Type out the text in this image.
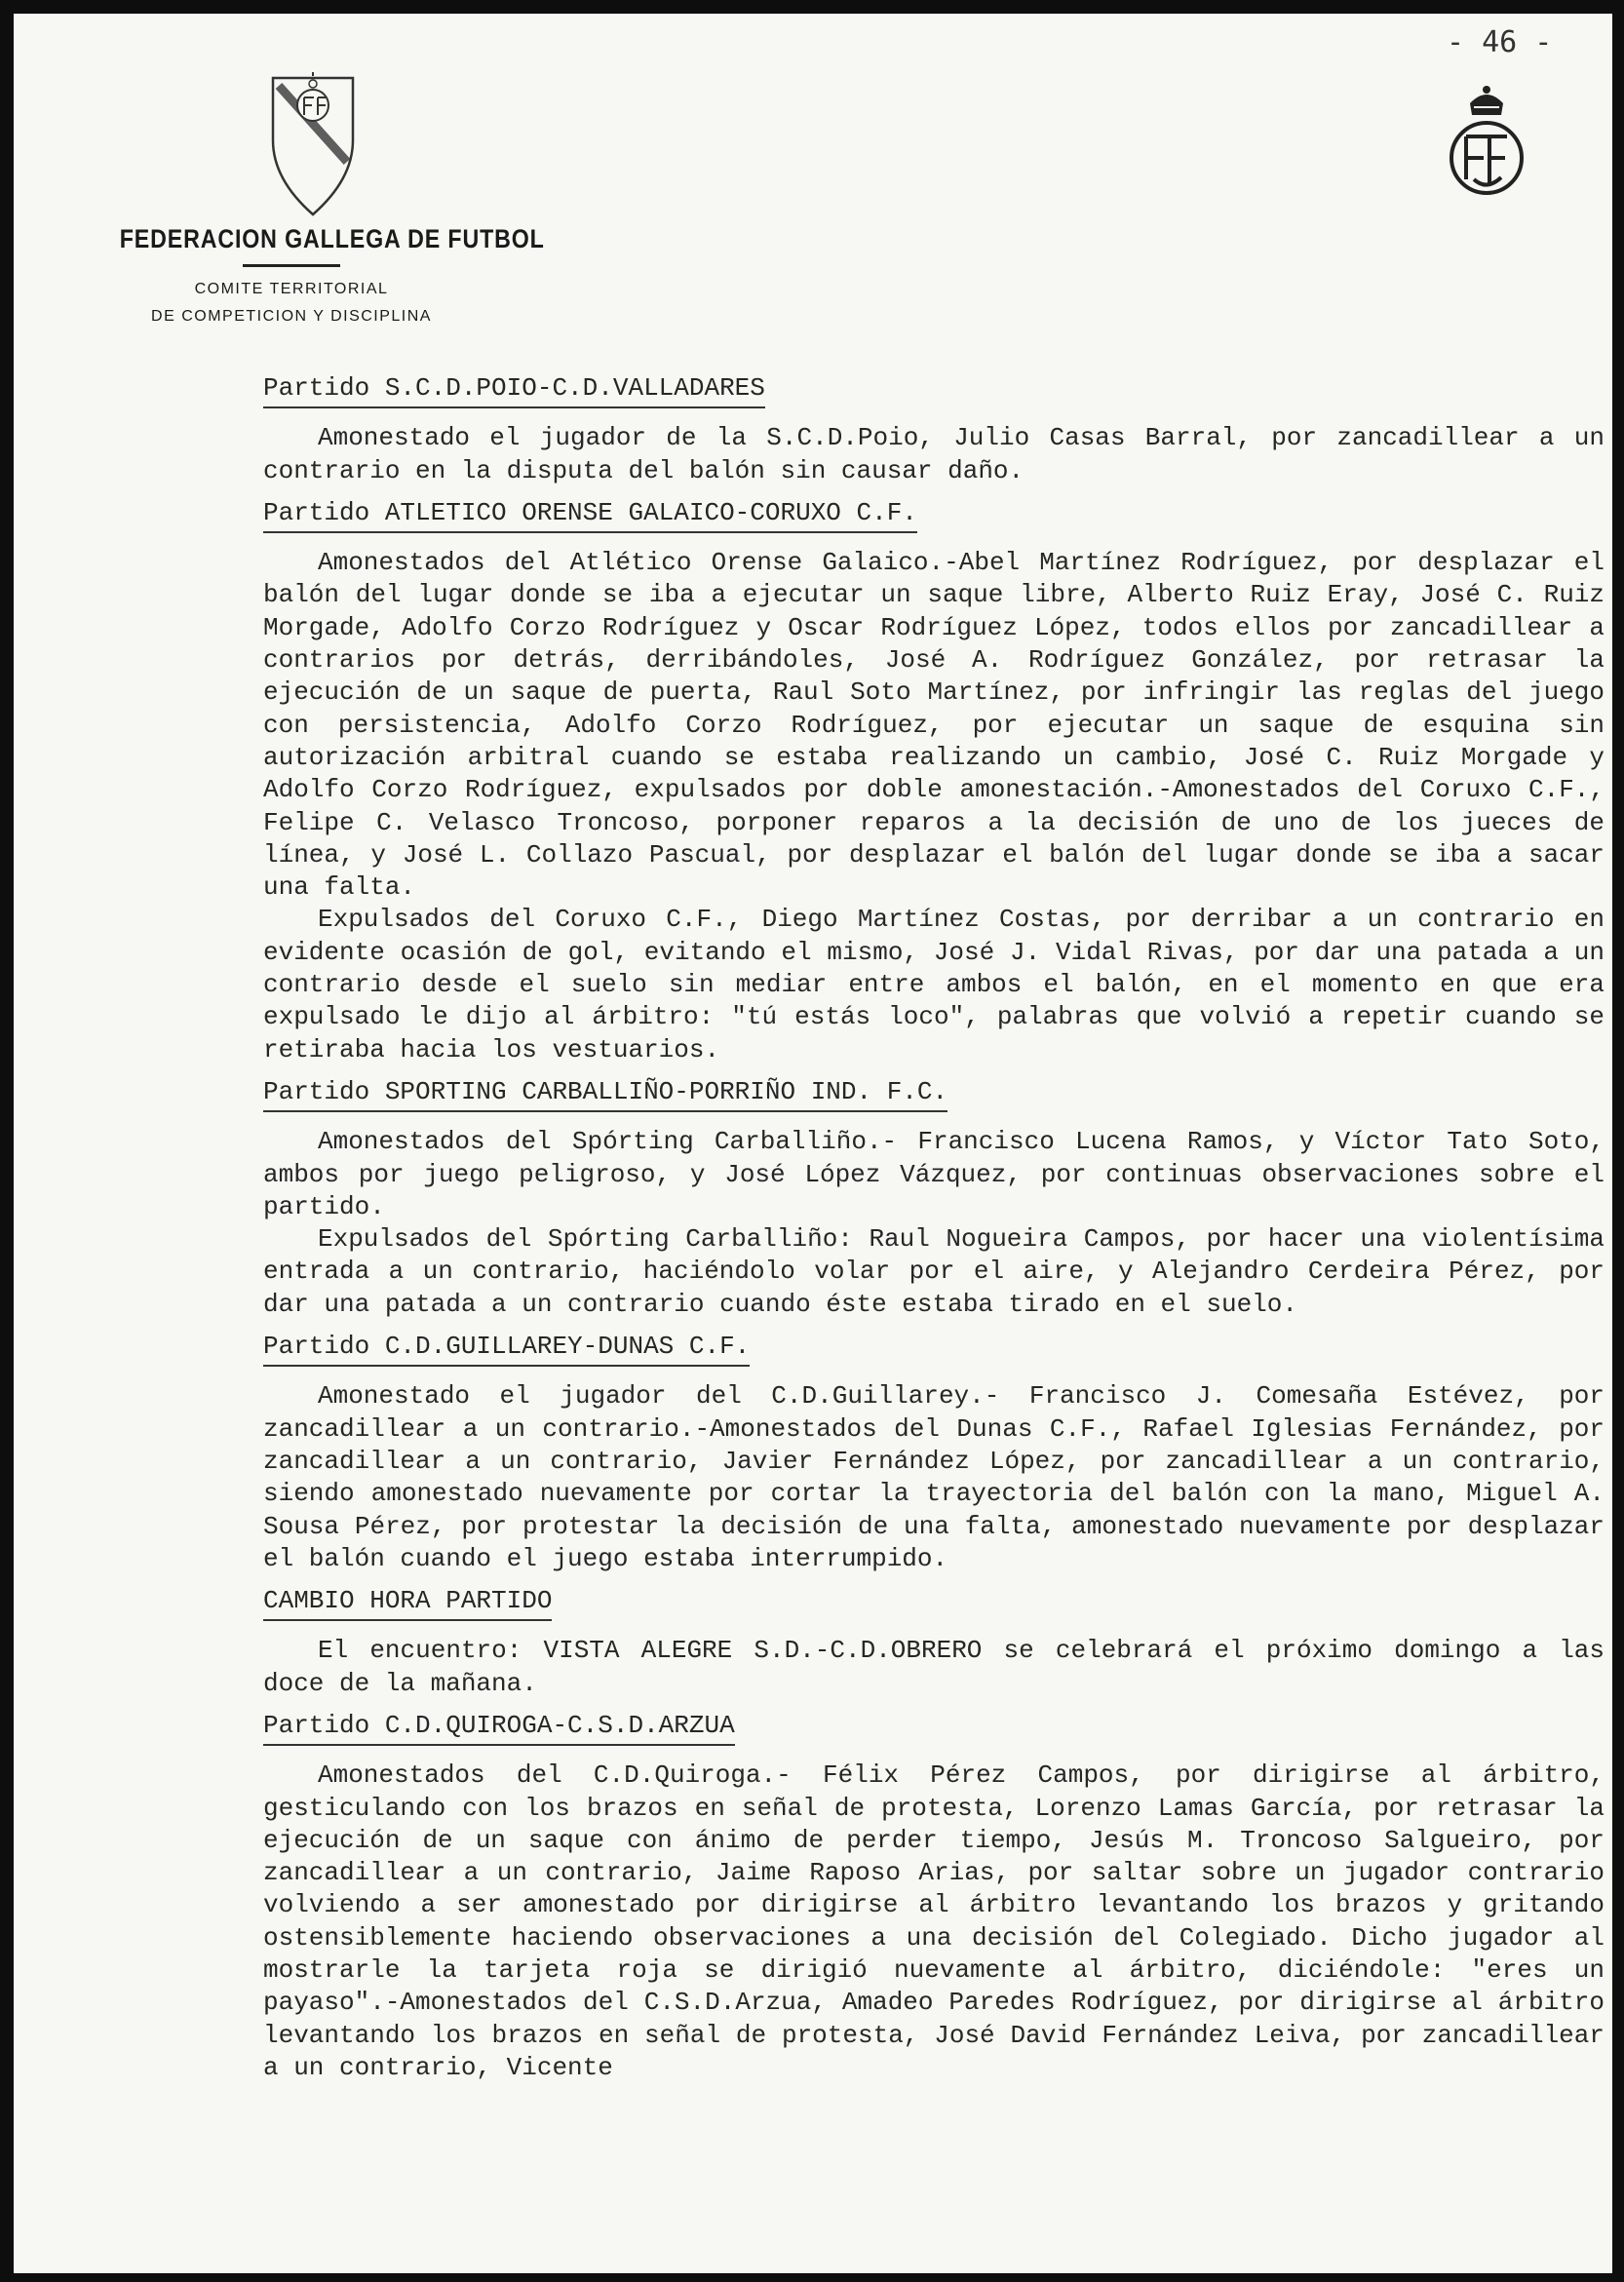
- 46 -
FEDERACION GALLEGA DE FUTBOL
COMITE TERRITORIAL
DE COMPETICION Y DISCIPLINA
Partido S.C.D.POIO-C.D.VALLADARES

Amonestado el jugador de la S.C.D.Poio, Julio Casas Barral, por zancadillear a un contrario en la disputa del balón sin causar daño.

Partido ATLETICO ORENSE GALAICO-CORUXO C.F.

Amonestados del Atlético Orense Galaico.-Abel Martínez Rodríguez, por desplazar el balón del lugar donde se iba a ejecutar un saque libre, Alberto Ruiz Eray, José C. Ruiz Morgade, Adolfo Corzo Rodríguez y Oscar Rodríguez López, todos ellos por zancadillear a contrarios por detrás, derribándoles, José A. Rodríguez González, por retrasar la ejecución de un saque de puerta, Raul Soto Martínez, por infringir las reglas del juego con persistencia, Adolfo Corzo Rodríguez, por ejecutar un saque de esquina sin autorización arbitral cuando se estaba realizando un cambio, José C. Ruiz Morgade y Adolfo Corzo Rodríguez, expulsados por doble amonestación.-Amonestados del Coruxo C.F., Felipe C. Velasco Troncoso, porponer reparos a la decisión de uno de los jueces de línea, y José L. Collazo Pascual, por desplazar el balón del lugar donde se iba a sacar una falta.

Expulsados del Coruxo C.F., Diego Martínez Costas, por derribar a un contrario en evidente ocasión de gol, evitando el mismo, José J. Vidal Rivas, por dar una patada a un contrario desde el suelo sin mediar entre ambos el balón, en el momento en que era expulsado le dijo al árbitro: "tú estás loco", palabras que volvió a repetir cuando se retiraba hacia los vestuarios.

Partido SPORTING CARBALLIÑO-PORRIÑO IND. F.C.

Amonestados del Spórting Carballiño.- Francisco Lucena Ramos, y Víctor Tato Soto, ambos por juego peligroso, y José López Vázquez, por continuas observaciones sobre el partido.

Expulsados del Spórting Carballiño: Raul Nogueira Campos, por hacer una violentísima entrada a un contrario, haciéndolo volar por el aire, y Alejandro Cerdeira Pérez, por dar una patada a un contrario cuando éste estaba tirado en el suelo.

Partido C.D.GUILLAREY-DUNAS C.F.

Amonestado el jugador del C.D.Guillarey.- Francisco J. Comesaña Estévez, por zancadillear a un contrario.-Amonestados del Dunas C.F., Rafael Iglesias Fernández, por zancadillear a un contrario, Javier Fernández López, por zancadillear a un contrario, siendo amonestado nuevamente por cortar la trayectoria del balón con la mano, Miguel A. Sousa Pérez, por protestar la decisión de una falta, amonestado nuevamente por desplazar el balón cuando el juego estaba interrumpido.

CAMBIO HORA PARTIDO

El encuentro: VISTA ALEGRE S.D.-C.D.OBRERO se celebrará el próximo domingo a las doce de la mañana.

Partido C.D.QUIROGA-C.S.D.ARZUA

Amonestados del C.D.Quiroga.- Félix Pérez Campos, por dirigirse al árbitro, gesticulando con los brazos en señal de protesta, Lorenzo Lamas García, por retrasar la ejecución de un saque con ánimo de perder tiempo, Jesús M. Troncoso Salgueiro, por zancadillear a un contrario, Jaime Raposo Arias, por saltar sobre un jugador contrario volviendo a ser amonestado por dirigirse al árbitro levantando los brazos y gritando ostensiblemente haciendo observaciones a una decisión del Colegiado. Dicho jugador al mostrarle la tarjeta roja se dirigió nuevamente al árbitro, diciéndole: "eres un payaso".-Amonestados del C.S.D.Arzua, Amadeo Paredes Rodríguez, por dirigirse al árbitro levantando los brazos en señal de protesta, José David Fernández Leiva, por zancadillear a un contrario, Vicente
